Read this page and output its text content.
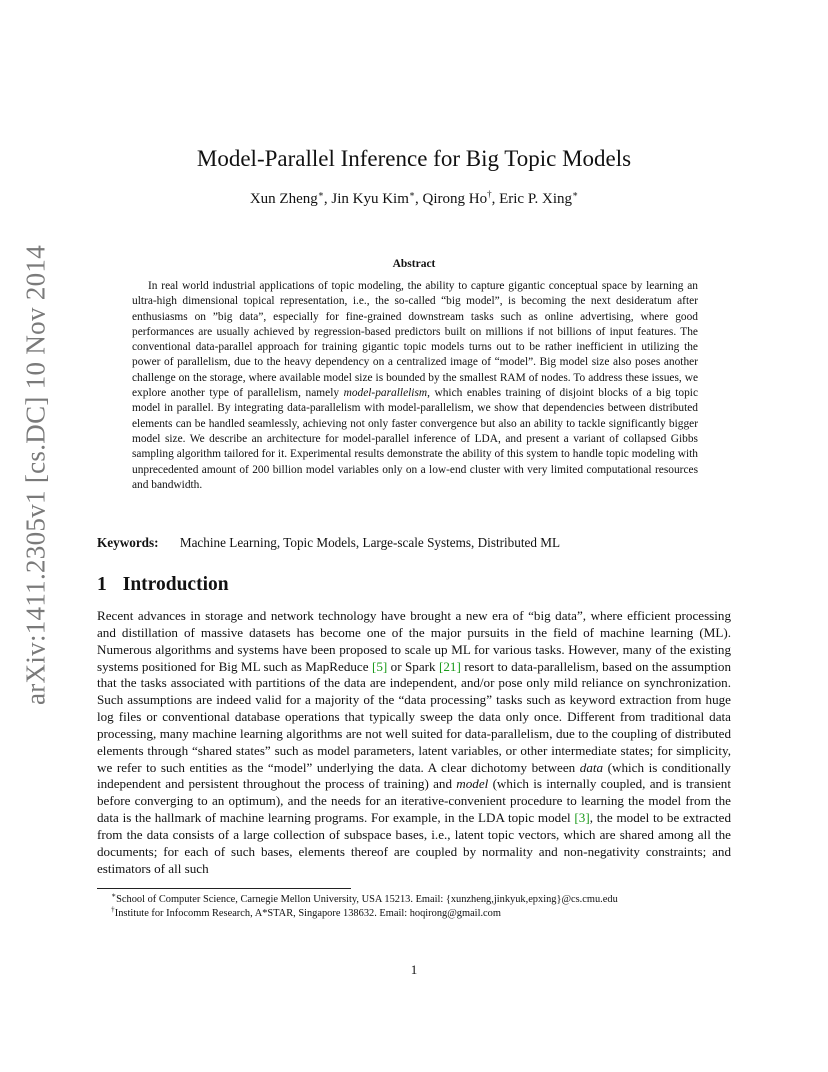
arXiv:1411.2305v1 [cs.DC] 10 Nov 2014
Model-Parallel Inference for Big Topic Models
Xun Zheng∗, Jin Kyu Kim∗, Qirong Ho†, Eric P. Xing∗
Abstract

In real world industrial applications of topic modeling, the ability to capture gigantic conceptual space by learning an ultra-high dimensional topical representation, i.e., the so-called “big model”, is becoming the next desideratum after enthusiasms on ”big data”, especially for fine-grained downstream tasks such as online advertising, where good performances are usually achieved by regression-based predictors built on millions if not billions of input features. The conventional data-parallel approach for training gigantic topic models turns out to be rather inefficient in utilizing the power of parallelism, due to the heavy dependency on a centralized image of “model”. Big model size also poses another challenge on the storage, where available model size is bounded by the smallest RAM of nodes. To address these issues, we explore another type of parallelism, namely model-parallelism, which enables training of disjoint blocks of a big topic model in parallel. By integrating data-parallelism with model-parallelism, we show that dependencies between distributed elements can be handled seamlessly, achieving not only faster convergence but also an ability to tackle significantly bigger model size. We describe an architecture for model-parallel inference of LDA, and present a variant of collapsed Gibbs sampling algorithm tailored for it. Experimental results demonstrate the ability of this system to handle topic modeling with unprecedented amount of 200 billion model variables only on a low-end cluster with very limited computational resources and bandwidth.

Keywords: Machine Learning, Topic Models, Large-scale Systems, Distributed ML
1 Introduction

Recent advances in storage and network technology have brought a new era of “big data”, where efficient processing and distillation of massive datasets has become one of the major pursuits in the field of machine learning (ML). Numerous algorithms and systems have been proposed to scale up ML for various tasks. However, many of the existing systems positioned for Big ML such as MapReduce [5] or Spark [21] resort to data-parallelism, based on the assumption that the tasks associated with partitions of the data are independent, and/or pose only mild reliance on synchronization. Such assumptions are indeed valid for a majority of the “data processing” tasks such as keyword extraction from huge log files or conventional database operations that typically sweep the data only once. Different from traditional data processing, many machine learning algorithms are not well suited for data-parallelism, due to the coupling of distributed elements through “shared states” such as model parameters, latent variables, or other intermediate states; for simplicity, we refer to such entities as the “model” underlying the data. A clear dichotomy between data (which is conditionally independent and persistent throughout the process of training) and model (which is internally coupled, and is transient before converging to an optimum), and the needs for an iterative-convenient procedure to learning the model from the data is the hallmark of machine learning programs. For example, in the LDA topic model [3], the model to be extracted from the data consists of a large collection of subspace bases, i.e., latent topic vectors, which are shared among all the documents; for each of such bases, elements thereof are coupled by normality and non-negativity constraints; and estimators of all such

∗School of Computer Science, Carnegie Mellon University, USA 15213. Email: {xunzheng,jinkyuk,epxing}@cs.cmu.edu
†Institute for Infocomm Research, A*STAR, Singapore 138632. Email: hoqirong@gmail.com
1
